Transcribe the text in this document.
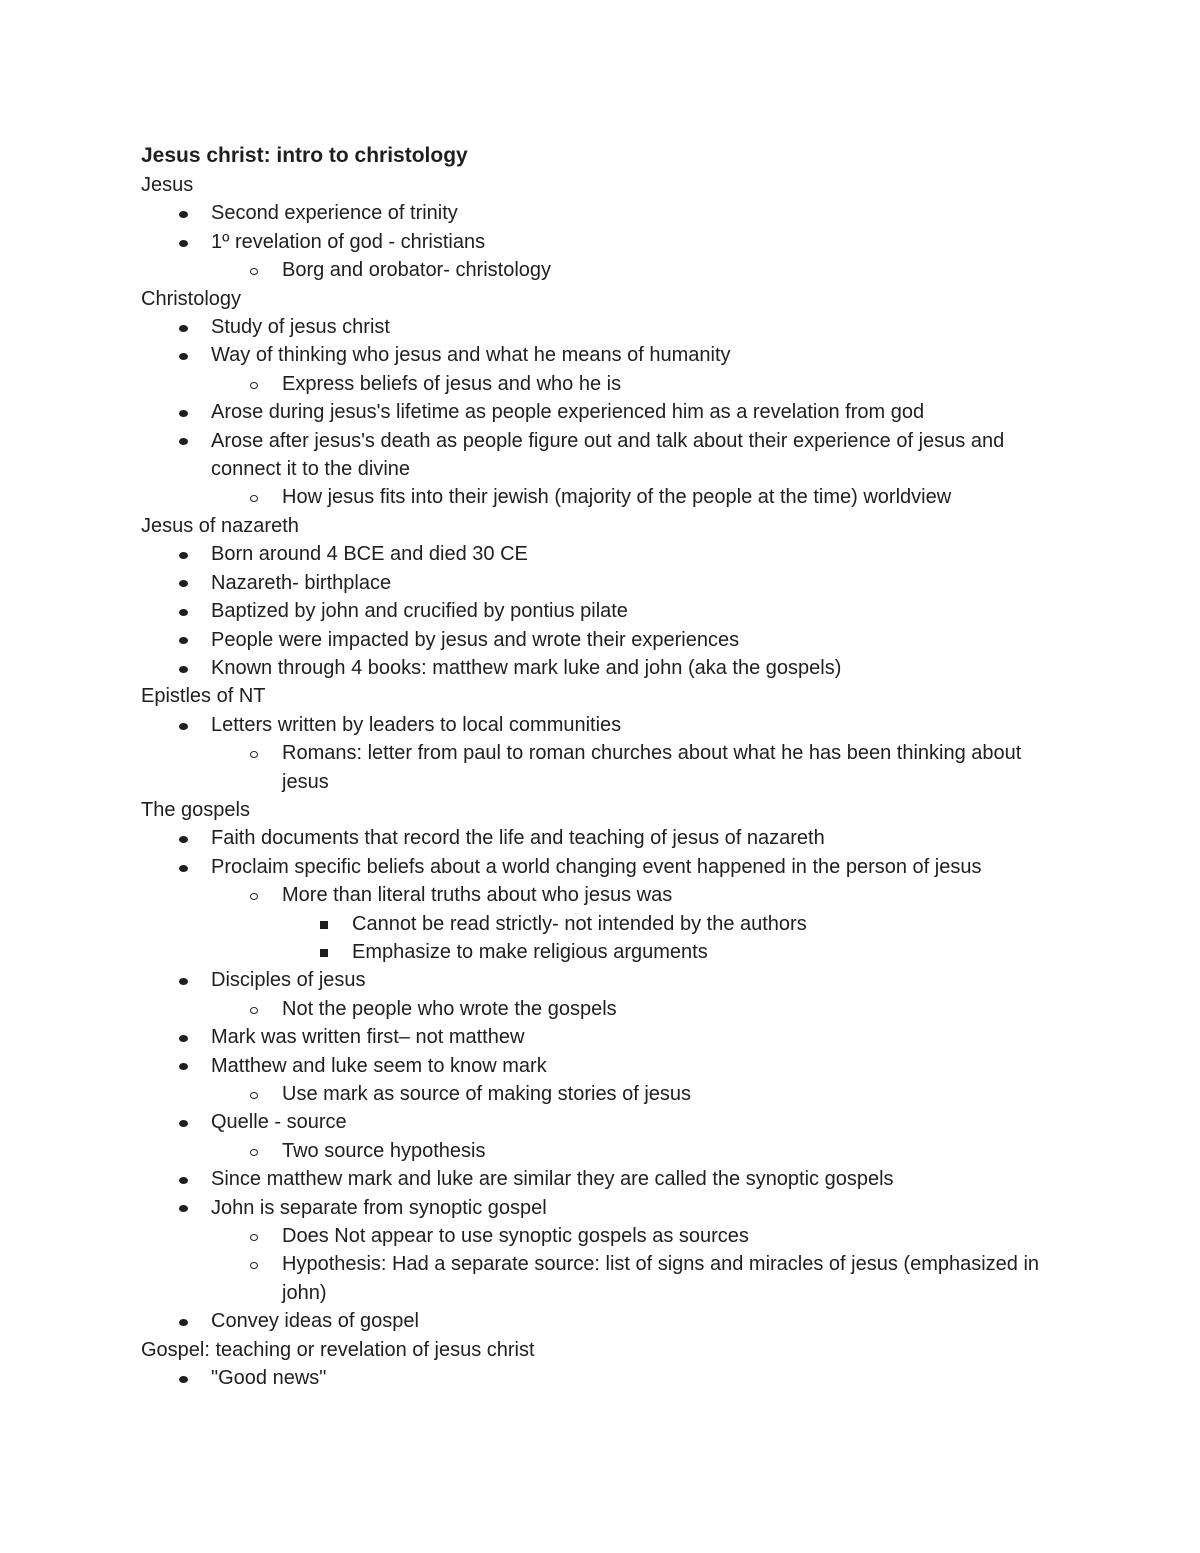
Jesus christ: intro to christology
Jesus
Second experience of trinity
1º revelation of god - christians
Borg and orobator- christology
Christology
Study of jesus christ
Way of thinking who jesus and what he means of humanity
Express beliefs of jesus and who he is
Arose during jesus's lifetime as people experienced him as a revelation from god
Arose after jesus's death as people figure out and talk about their experience of jesus and connect it to the divine
How jesus fits into their jewish (majority of the people at the time) worldview
Jesus of nazareth
Born around 4 BCE and died 30 CE
Nazareth- birthplace
Baptized by john and crucified by pontius pilate
People were impacted by jesus and wrote their experiences
Known through 4 books: matthew mark luke and john (aka the gospels)
Epistles of NT
Letters written by leaders to local communities
Romans: letter from paul to roman churches about what he has been thinking about jesus
The gospels
Faith documents that record the life and teaching of jesus of nazareth
Proclaim specific beliefs about a world changing event happened in the person of jesus
More than literal truths about who jesus was
Cannot be read strictly- not intended by the authors
Emphasize to make religious arguments
Disciples of jesus
Not the people who wrote the gospels
Mark was written first– not matthew
Matthew and luke seem to know mark
Use mark as source of making stories of jesus
Quelle - source
Two source hypothesis
Since matthew mark and luke are similar they are called the synoptic gospels
John is separate from synoptic gospel
Does Not appear to use synoptic gospels as sources
Hypothesis: Had a separate source: list of signs and miracles of jesus (emphasized in john)
Convey ideas of gospel
Gospel: teaching or revelation of jesus christ
"Good news"
